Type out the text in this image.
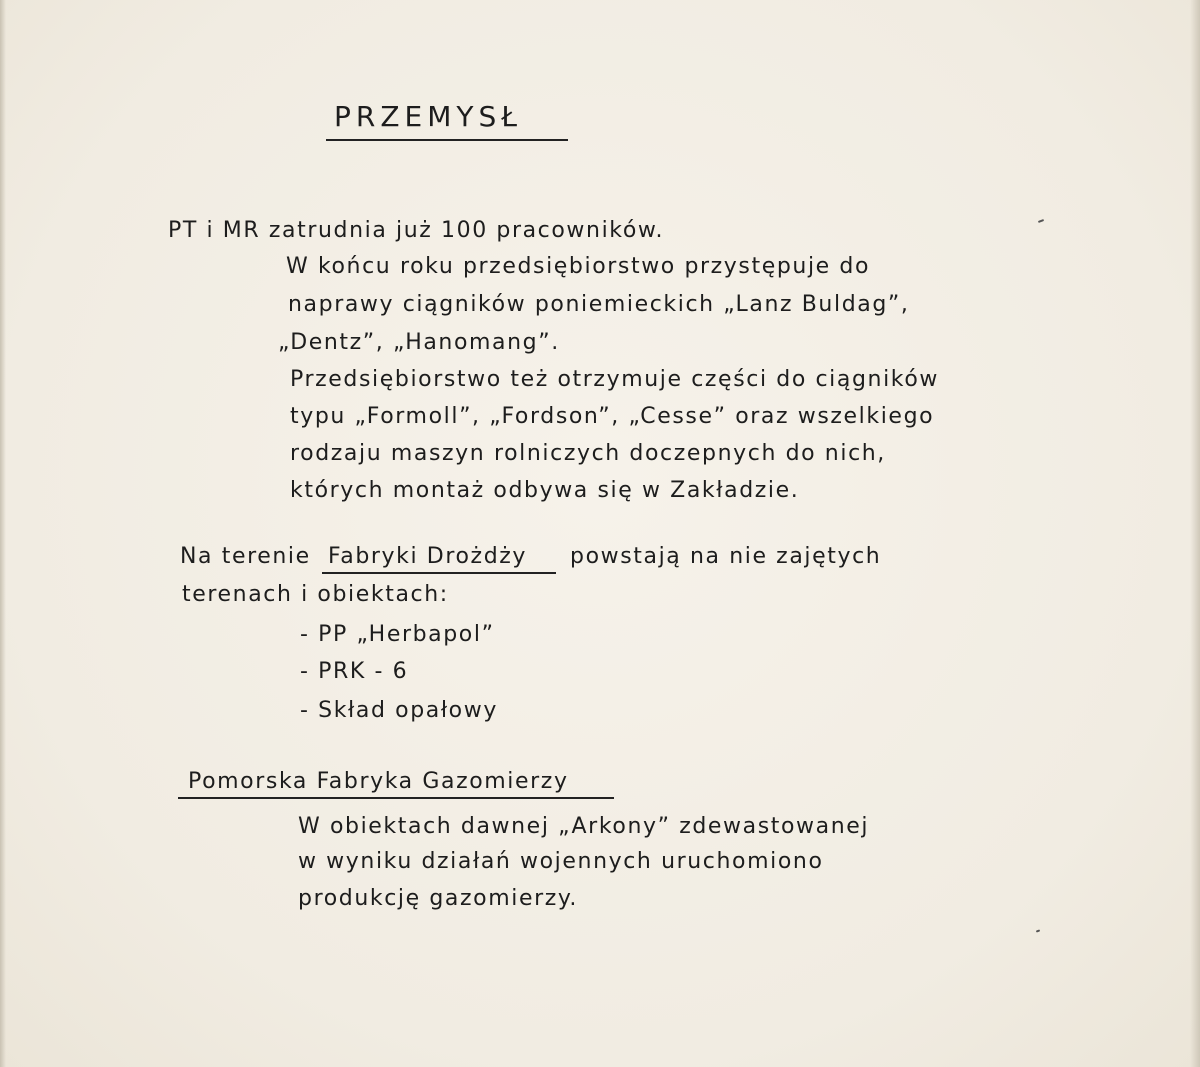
PRZEMYSŁ
PT i MR zatrudnia już 100 pracowników.
W końcu roku przedsiębiorstwo przystępuje do
naprawy ciągników poniemieckich „Lanz Buldag”,
„Dentz”, „Hanomang”.
Przedsiębiorstwo też otrzymuje części do ciągników
typu „Formoll”, „Fordson”, „Cesse” oraz wszelkiego
rodzaju maszyn rolniczych doczepnych do nich,
których montaż odbywa się w Zakładzie.
Na terenie Fabryki Drożdży powstają na nie zajętych
terenach i obiektach:
- PP „Herbapol”
- PRK - 6
- Skład opałowy
Pomorska Fabryka Gazomierzy
W obiektach dawnej „Arkony” zdewastowanej
w wyniku działań wojennych uruchomiono
produkcję gazomierzy.
